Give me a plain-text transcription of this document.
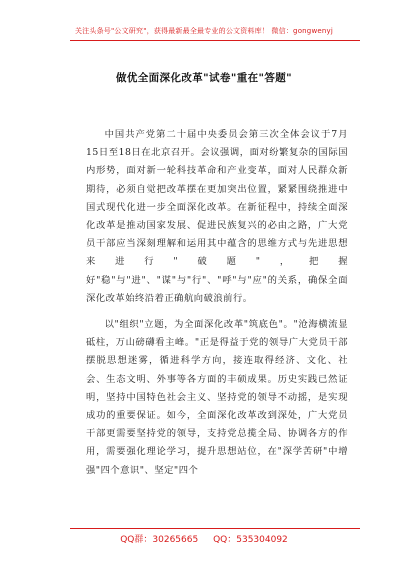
关注头条号"公文研究"，获得最新最全最专业的公文资料库！ 微信：gongwenyj
做优全面深化改革"试卷"重在"答题"

中国共产党第二十届中央委员会第三次全体会议于7月15日至18日在北京召开。会议强调，面对纷繁复杂的国际国内形势，面对新一轮科技革命和产业变革，面对人民群众新期待，必须自觉把改革摆在更加突出位置，紧紧围绕推进中国式现代化进一步全面深化改革。在新征程中，持续全面深化改革是推动国家发展、促进民族复兴的必由之路，广大党员干部应当深刻理解和运用其中蕴含的思维方式与先进思想来进行"破题"，把握好"稳"与"进"、"谋"与"行"、"呼"与"应"的关系，确保全面深化改革始终沿着正确航向破浪前行。

以"组织"立题，为全面深化改革"筑底色"。"沧海横流显砥柱，万山磅礴看主峰。"正是得益于党的领导广大党员干部摆脱思想迷雾，循进科学方向，接连取得经济、文化、社会、生态文明、外事等各方面的丰硕成果。历史实践已然证明，坚持中国特色社会主义、坚持党的领导不动摇，是实现成功的重要保证。如今，全面深化改革改到深处，广大党员干部更需要坚持党的领导，支持党总揽全局、协调各方的作用，需要强化理论学习，提升思想站位，在"深学苦研"中增强"四个意识"、坚定"四个

QQ群：30265665 QQ：535304092
